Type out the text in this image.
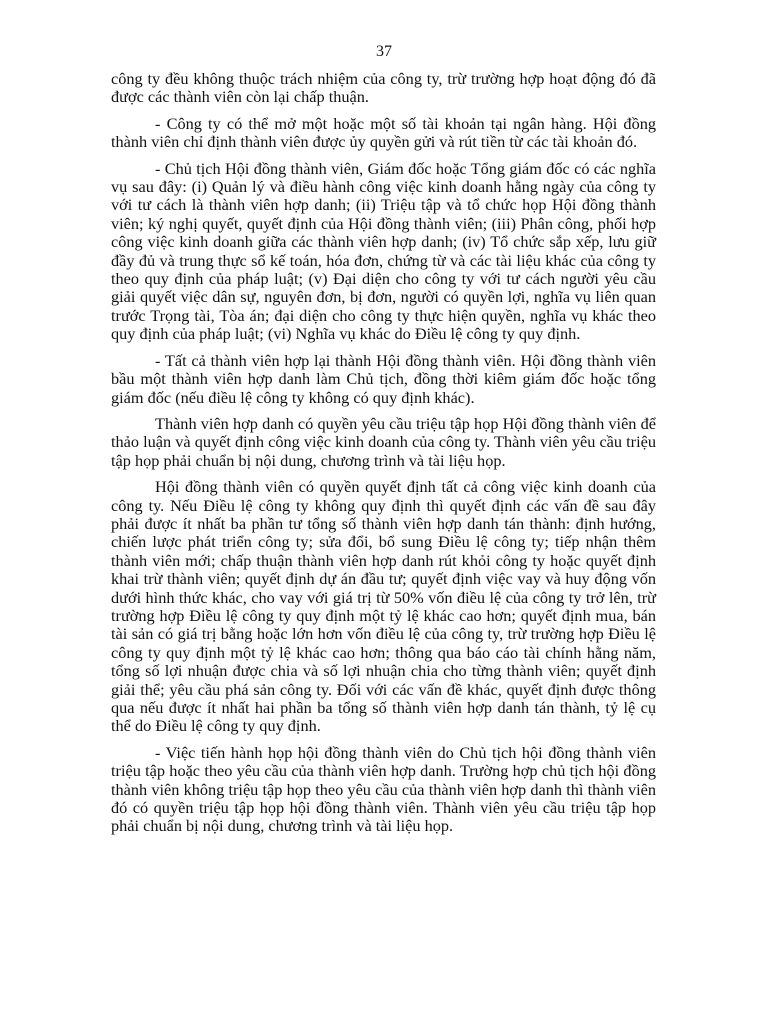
37

công ty đều không thuộc trách nhiệm của công ty, trừ trường hợp hoạt động đó đã được các thành viên còn lại chấp thuận.

- Công ty có thể mở một hoặc một số tài khoản tại ngân hàng. Hội đồng thành viên chỉ định thành viên được ủy quyền gửi và rút tiền từ các tài khoản đó.

- Chủ tịch Hội đồng thành viên, Giám đốc hoặc Tổng giám đốc có các nghĩa vụ sau đây: (i) Quản lý và điều hành công việc kinh doanh hằng ngày của công ty với tư cách là thành viên hợp danh; (ii) Triệu tập và tổ chức họp Hội đồng thành viên; ký nghị quyết, quyết định của Hội đồng thành viên; (iii) Phân công, phối hợp công việc kinh doanh giữa các thành viên hợp danh; (iv) Tổ chức sắp xếp, lưu giữ đầy đủ và trung thực sổ kế toán, hóa đơn, chứng từ và các tài liệu khác của công ty theo quy định của pháp luật; (v) Đại diện cho công ty với tư cách người yêu cầu giải quyết việc dân sự, nguyên đơn, bị đơn, người có quyền lợi, nghĩa vụ liên quan trước Trọng tài, Tòa án; đại diện cho công ty thực hiện quyền, nghĩa vụ khác theo quy định của pháp luật; (vi) Nghĩa vụ khác do Điều lệ công ty quy định.

- Tất cả thành viên hợp lại thành Hội đồng thành viên. Hội đồng thành viên bầu một thành viên hợp danh làm Chủ tịch, đồng thời kiêm giám đốc hoặc tổng giám đốc (nếu điều lệ công ty không có quy định khác).

Thành viên hợp danh có quyền yêu cầu triệu tập họp Hội đồng thành viên để thảo luận và quyết định công việc kinh doanh của công ty. Thành viên yêu cầu triệu tập họp phải chuẩn bị nội dung, chương trình và tài liệu họp.

Hội đồng thành viên có quyền quyết định tất cả công việc kinh doanh của công ty. Nếu Điều lệ công ty không quy định thì quyết định các vấn đề sau đây phải được ít nhất ba phần tư tổng số thành viên hợp danh tán thành: định hướng, chiến lược phát triển công ty; sửa đổi, bổ sung Điều lệ công ty; tiếp nhận thêm thành viên mới; chấp thuận thành viên hợp danh rút khỏi công ty hoặc quyết định khai trừ thành viên; quyết định dự án đầu tư; quyết định việc vay và huy động vốn dưới hình thức khác, cho vay với giá trị từ 50% vốn điều lệ của công ty trở lên, trừ trường hợp Điều lệ công ty quy định một tỷ lệ khác cao hơn; quyết định mua, bán tài sản có giá trị bằng hoặc lớn hơn vốn điều lệ của công ty, trừ trường hợp Điều lệ công ty quy định một tỷ lệ khác cao hơn; thông qua báo cáo tài chính hằng năm, tổng số lợi nhuận được chia và số lợi nhuận chia cho từng thành viên; quyết định giải thể; yêu cầu phá sản công ty. Đối với các vấn đề khác, quyết định được thông qua nếu được ít nhất hai phần ba tổng số thành viên hợp danh tán thành, tỷ lệ cụ thể do Điều lệ công ty quy định.

- Việc tiến hành họp hội đồng thành viên do Chủ tịch hội đồng thành viên triệu tập hoặc theo yêu cầu của thành viên hợp danh. Trường hợp chủ tịch hội đồng thành viên không triệu tập họp theo yêu cầu của thành viên hợp danh thì thành viên đó có quyền triệu tập họp hội đồng thành viên. Thành viên yêu cầu triệu tập họp phải chuẩn bị nội dung, chương trình và tài liệu họp.
